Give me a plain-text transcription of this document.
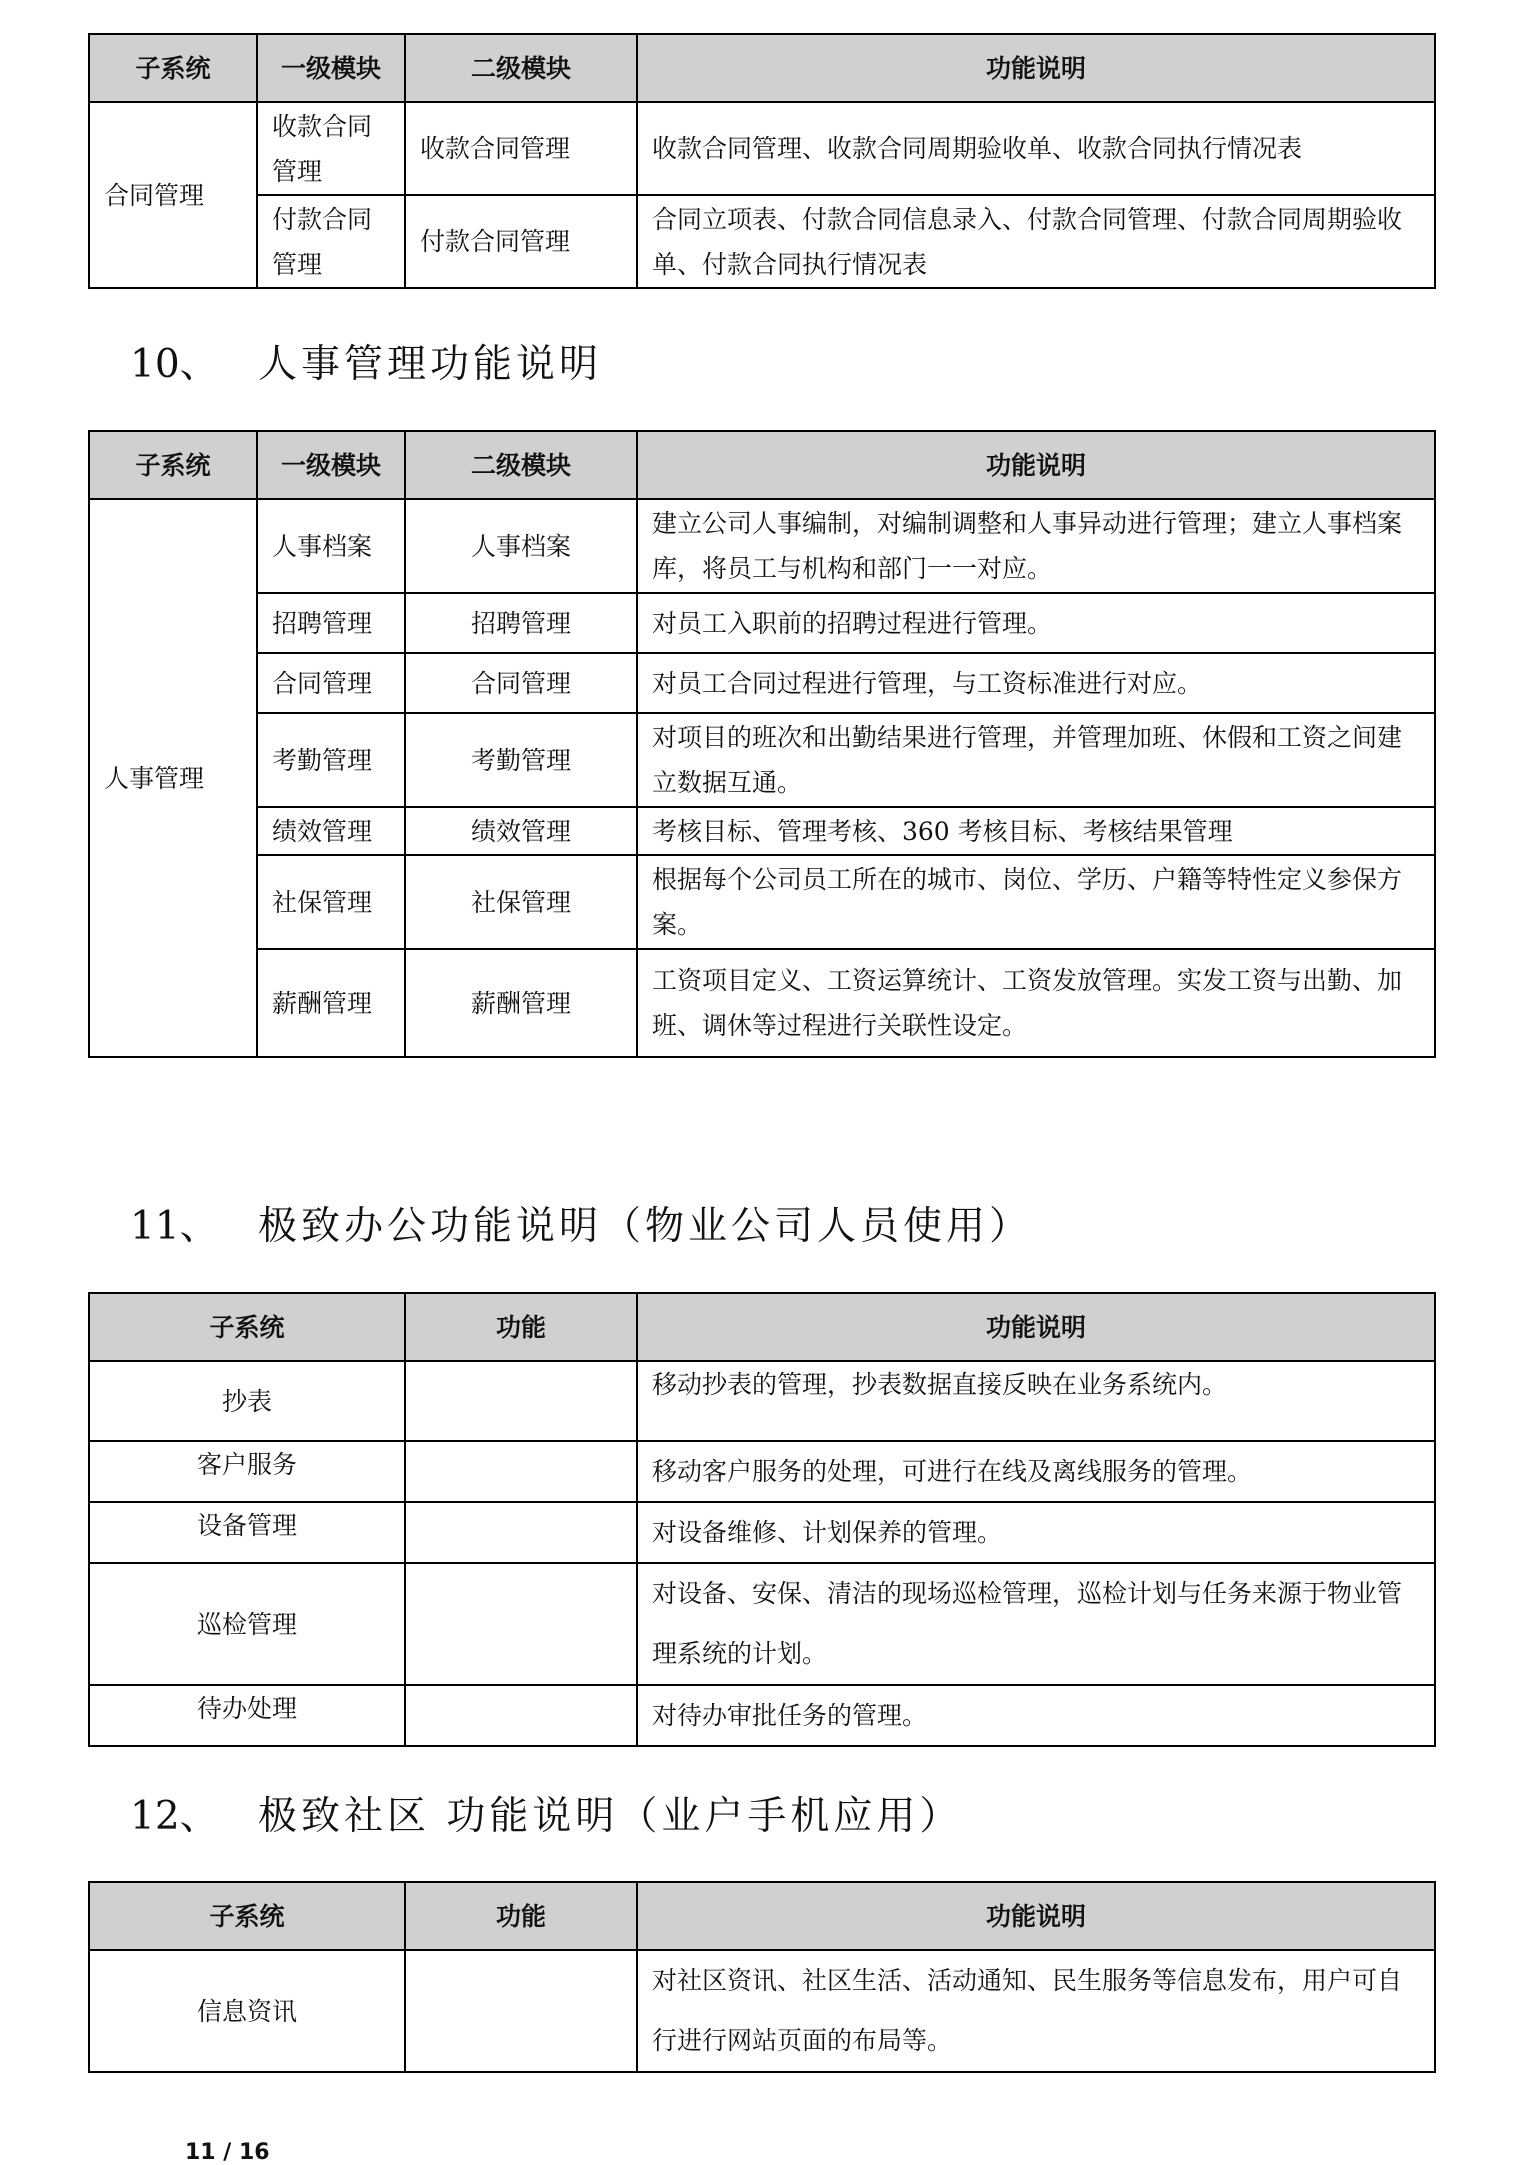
子系统	一级模块	二级模块	功能说明
合同管理	收款合同管理	收款合同管理	收款合同管理、收款合同周期验收单、收款合同执行情况表
	付款合同管理	付款合同管理	合同立项表、付款合同信息录入、付款合同管理、付款合同周期验收单、付款合同执行情况表
10、 人事管理功能说明
子系统	一级模块	二级模块	功能说明
人事管理	人事档案	人事档案	建立公司人事编制，对编制调整和人事异动进行管理；建立人事档案库，将员工与机构和部门一一对应。
	招聘管理	招聘管理	对员工入职前的招聘过程进行管理。
	合同管理	合同管理	对员工合同过程进行管理，与工资标准进行对应。
	考勤管理	考勤管理	对项目的班次和出勤结果进行管理，并管理加班、休假和工资之间建立数据互通。
	绩效管理	绩效管理	考核目标、管理考核、360 考核目标、考核结果管理
	社保管理	社保管理	根据每个公司员工所在的城市、岗位、学历、户籍等特性定义参保方案。
	薪酬管理	薪酬管理	工资项目定义、工资运算统计、工资发放管理。实发工资与出勤、加班、调休等过程进行关联性设定。
11、 极致办公功能说明（物业公司人员使用）
子系统	功能	功能说明
抄表		移动抄表的管理，抄表数据直接反映在业务系统内。
客户服务		移动客户服务的处理，可进行在线及离线服务的管理。
设备管理		对设备维修、计划保养的管理。
巡检管理		对设备、安保、清洁的现场巡检管理，巡检计划与任务来源于物业管理系统的计划。
待办处理		对待办审批任务的管理。
12、 极致社区 功能说明（业户手机应用）
子系统	功能	功能说明
信息资讯		对社区资讯、社区生活、活动通知、民生服务等信息发布，用户可自行进行网站页面的布局等。
11 / 16
